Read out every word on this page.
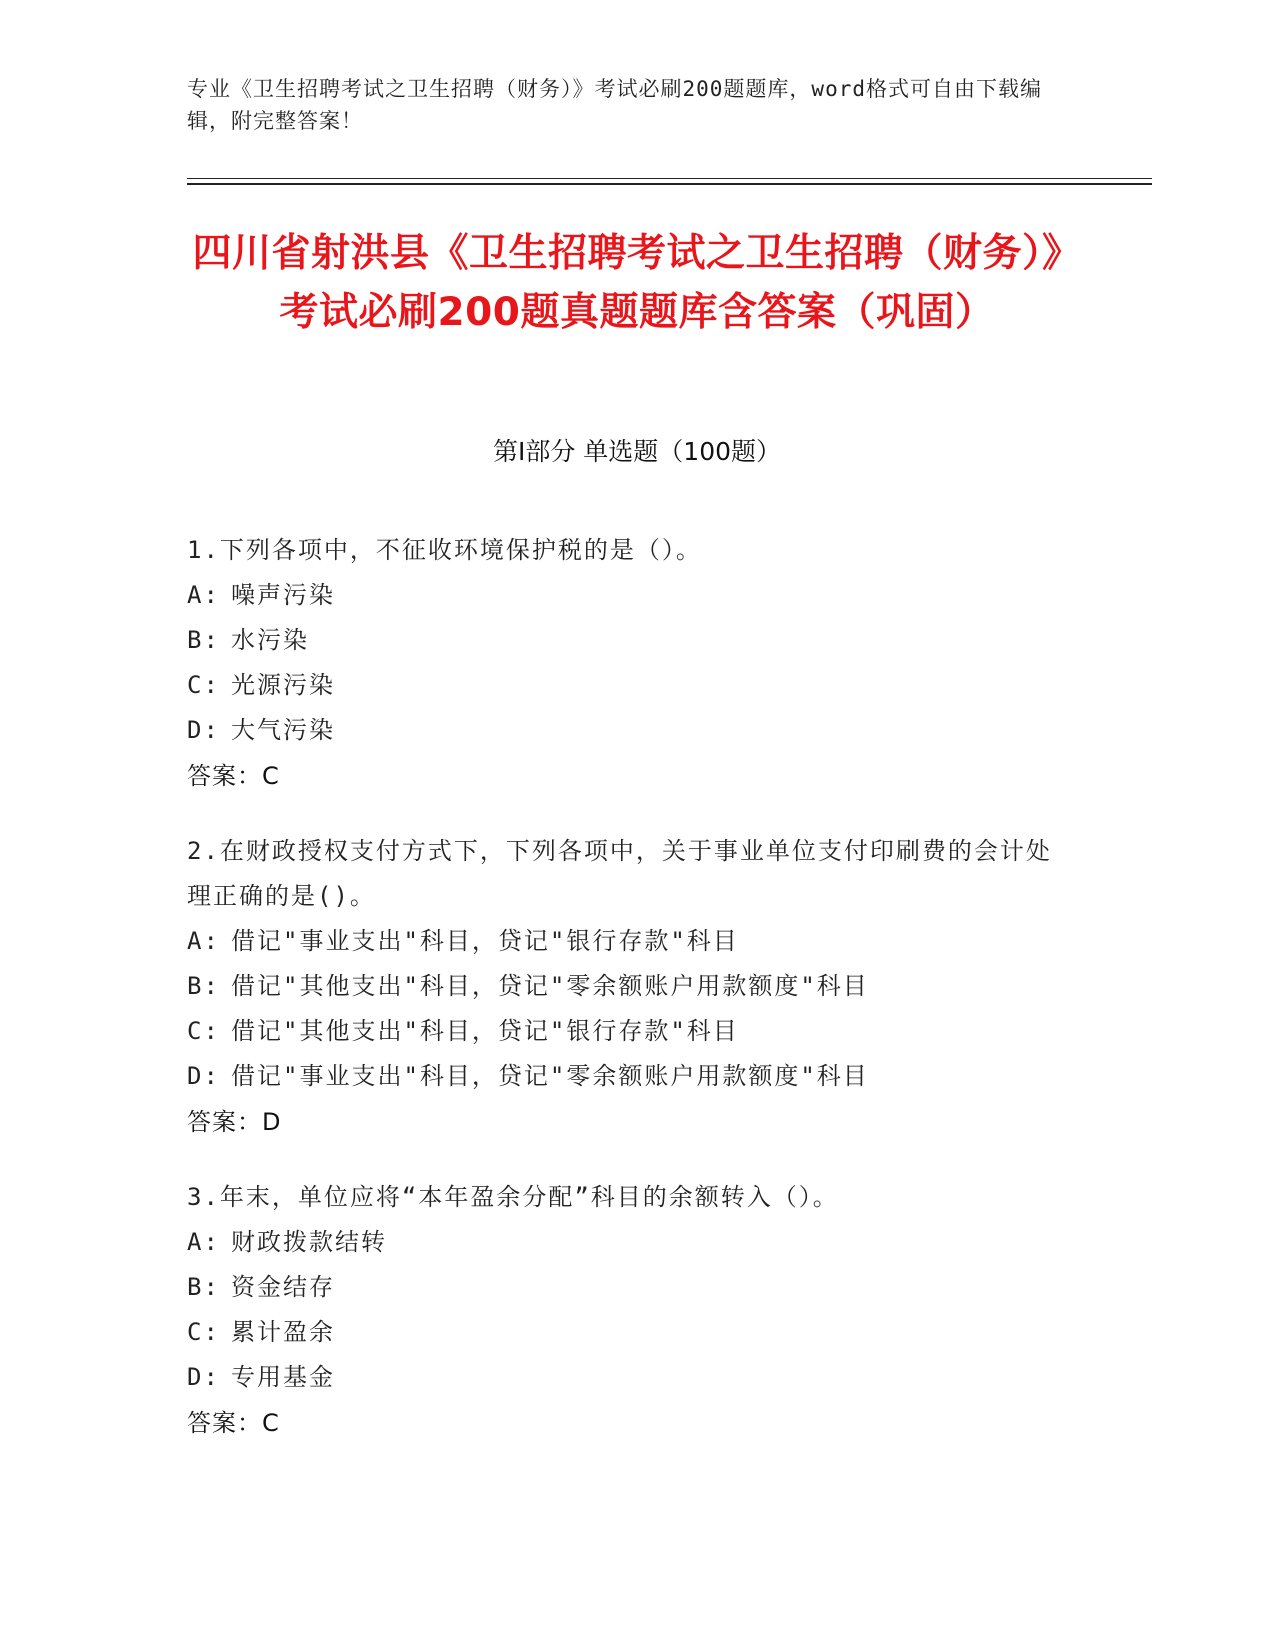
专业《卫生招聘考试之卫生招聘（财务）》考试必刷200题题库，word格式可自由下载编辑，附完整答案！
四川省射洪县《卫生招聘考试之卫生招聘（财务）》考试必刷200题真题题库含答案（巩固）
第I部分 单选题（100题）
1.下列各项中，不征收环境保护税的是（）。
A: 噪声污染
B: 水污染
C: 光源污染
D: 大气污染
答案：C
2.在财政授权支付方式下，下列各项中，关于事业单位支付印刷费的会计处理正确的是()。
A: 借记"事业支出"科目，贷记"银行存款"科目
B: 借记"其他支出"科目，贷记"零余额账户用款额度"科目
C: 借记"其他支出"科目，贷记"银行存款"科目
D: 借记"事业支出"科目，贷记"零余额账户用款额度"科目
答案：D
3.年末，单位应将“本年盈余分配”科目的余额转入（）。
A: 财政拨款结转
B: 资金结存
C: 累计盈余
D: 专用基金
答案：C
